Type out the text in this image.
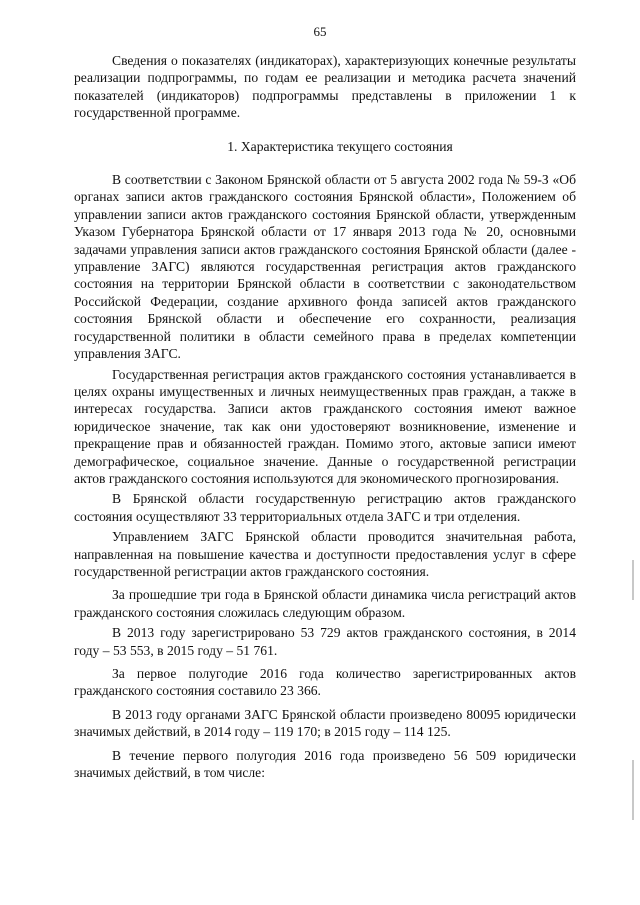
65

Сведения о показателях (индикаторах), характеризующих конечные результаты реализации подпрограммы, по годам ее реализации и методика расчета значений показателей (индикаторов) подпрограммы представлены в приложении 1 к государственной программе.

1. Характеристика текущего состояния

В соответствии с Законом Брянской области от 5 августа 2002 года № 59-З «Об органах записи актов гражданского состояния Брянской области», Положением об управлении записи актов гражданского состояния Брянской области, утвержденным Указом Губернатора Брянской области от 17 января 2013 года № 20, основными задачами управления записи актов гражданского состояния Брянской области (далее - управление ЗАГС) являются государственная регистрация актов гражданского состояния на территории Брянской области в соответствии с законодательством Российской Федерации, создание архивного фонда записей актов гражданского состояния Брянской области и обеспечение его сохранности, реализация государственной политики в области семейного права в пределах компетенции управления ЗАГС.

Государственная регистрация актов гражданского состояния устанавливается в целях охраны имущественных и личных неимущественных прав граждан, а также в интересах государства. Записи актов гражданского состояния имеют важное юридическое значение, так как они удостоверяют возникновение, изменение и прекращение прав и обязанностей граждан. Помимо этого, актовые записи имеют демографическое, социальное значение. Данные о государственной регистрации актов гражданского состояния используются для экономического прогнозирования.

В Брянской области государственную регистрацию актов гражданского состояния осуществляют 33 территориальных отдела ЗАГС и три отделения.

Управлением ЗАГС Брянской области проводится значительная работа, направленная на повышение качества и доступности предоставления услуг в сфере государственной регистрации актов гражданского состояния.

За прошедшие три года в Брянской области динамика числа регистраций актов гражданского состояния сложилась следующим образом.

В 2013 году зарегистрировано 53 729 актов гражданского состояния, в 2014 году – 53 553, в 2015 году – 51 761.

За первое полугодие 2016 года количество зарегистрированных актов гражданского состояния составило 23 366.

В 2013 году органами ЗАГС Брянской области произведено 80095 юридически значимых действий, в 2014 году – 119 170; в 2015 году – 114 125.

В течение первого полугодия 2016 года произведено 56 509 юридически значимых действий, в том числе:
